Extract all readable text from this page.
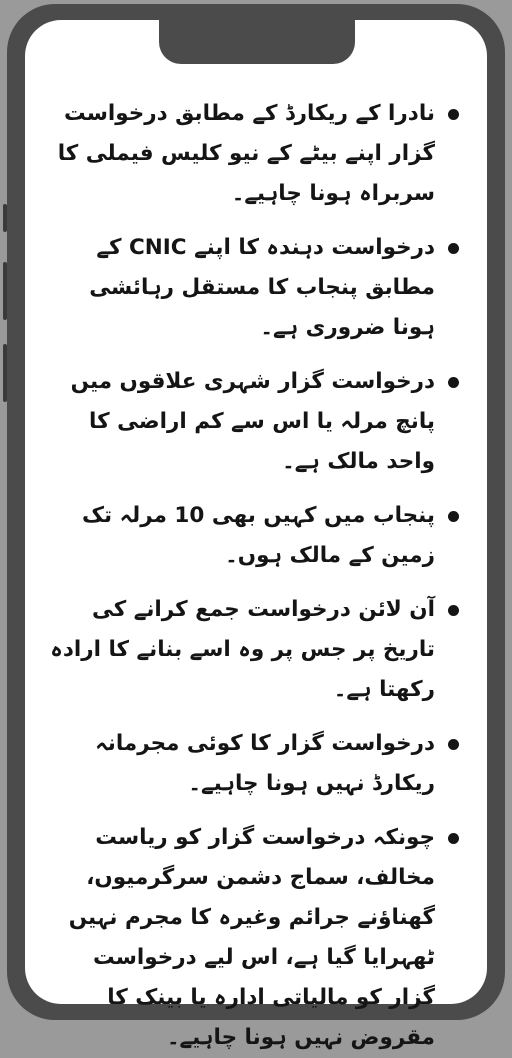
نادرا کے ریکارڈ کے مطابق درخواست گزار اپنے بیٹے کے نیو کلیس فیملی کا سربراہ ہونا چاہیے۔
درخواست دہندہ کا اپنے CNIC کے مطابق پنجاب کا مستقل رہائشی ہونا ضروری ہے۔
درخواست گزار شہری علاقوں میں پانچ مرلہ یا اس سے کم اراضی کا واحد مالک ہے۔
پنجاب میں کہیں بھی 10 مرلہ تک زمین کے مالک ہوں۔
آن لائن درخواست جمع کرانے کی تاریخ پر جس پر وہ اسے بنانے کا ارادہ رکھتا ہے۔
درخواست گزار کا کوئی مجرمانہ ریکارڈ نہیں ہونا چاہیے۔
چونکہ درخواست گزار کو ریاست مخالف، سماج دشمن سرگرمیوں، گھناؤنے جرائم وغیرہ کا مجرم نہیں ٹھہرایا گیا ہے، اس لیے درخواست گزار کو مالیاتی ادارہ یا بینک کا مقروض نہیں ہونا چاہیے۔
